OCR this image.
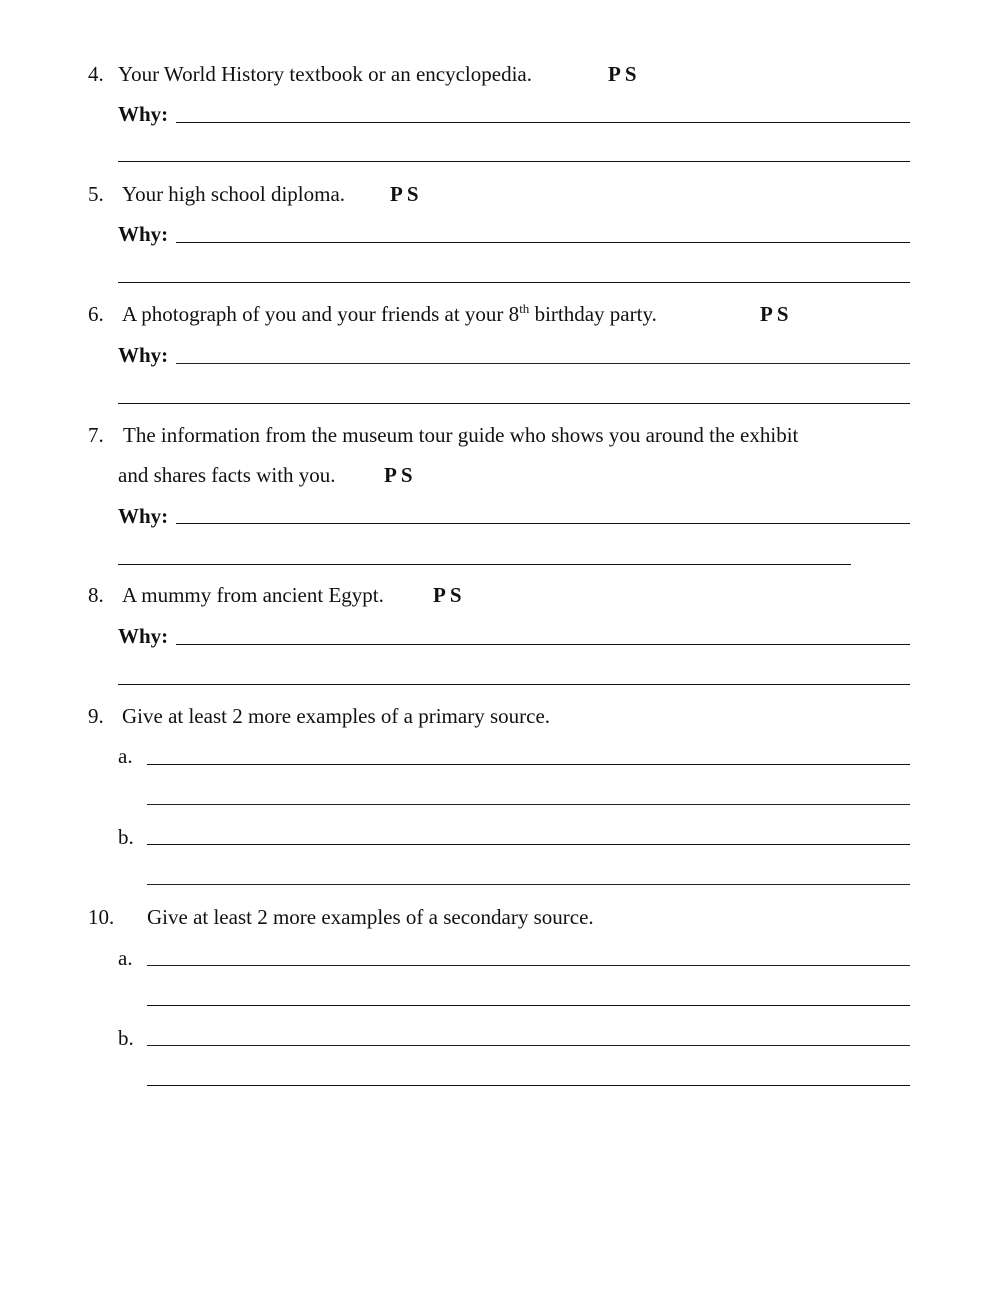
4. Your World History textbook or an encyclopedia.	P S
Why:
5. Your high school diploma. P S
Why:
6. A photograph of you and your friends at your 8th birthday party.	P S
Why:
7. The information from the museum tour guide who shows you around the exhibit
and shares facts with you. P S
Why:
8. A mummy from ancient Egypt. P S
Why:
9. Give at least 2 more examples of a primary source.
a.
b.
10. Give at least 2 more examples of a secondary source.
a.
b.
